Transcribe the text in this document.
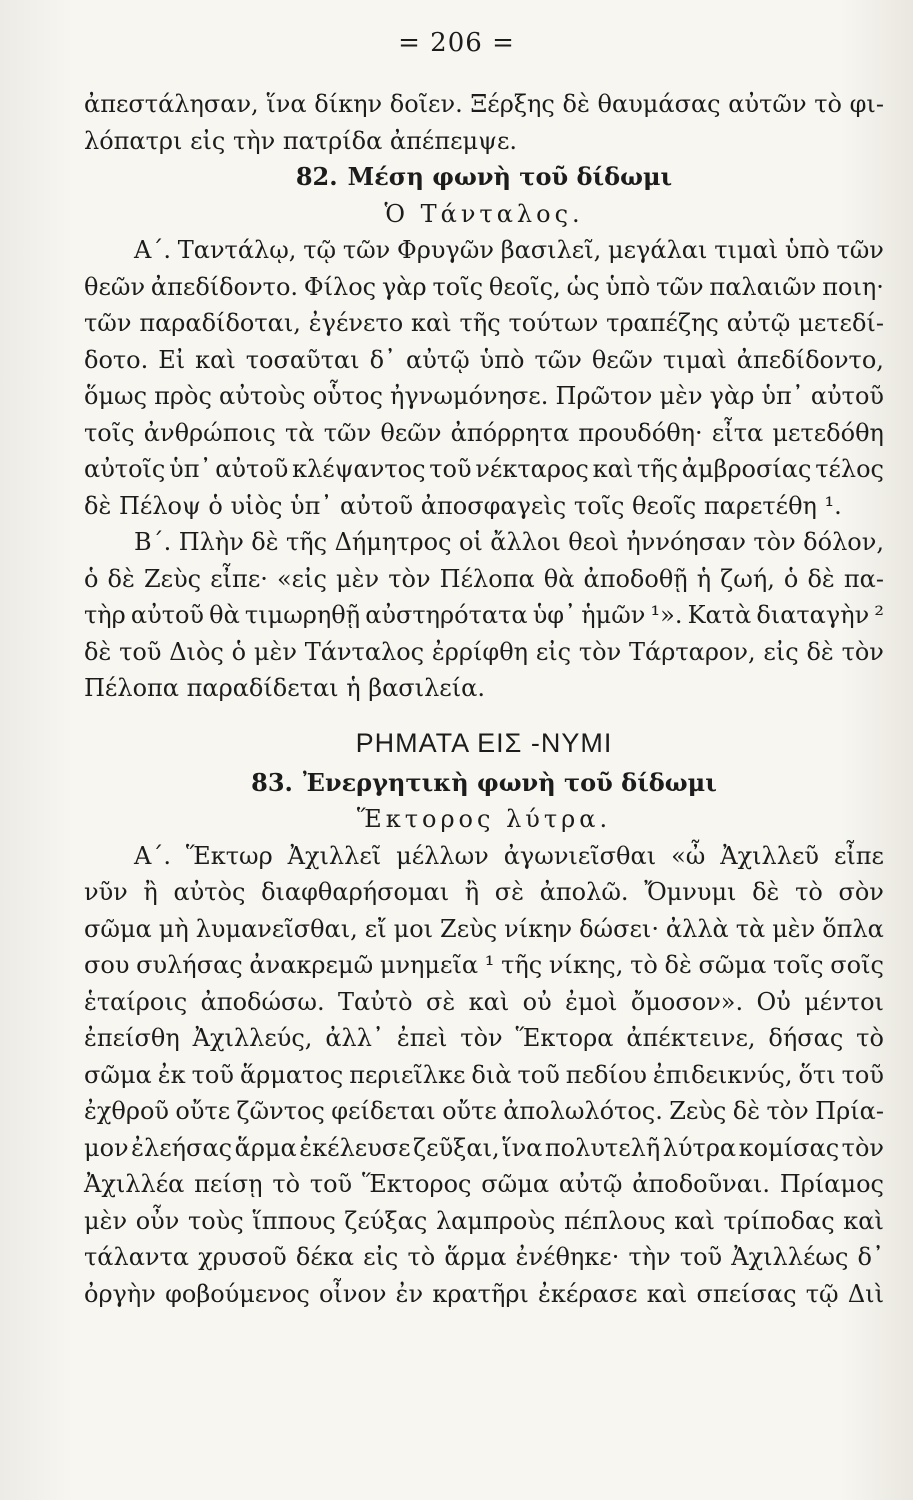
= 206 =
ἀπεστάλησαν, ἵνα δίκην δοῖεν. Ξέρξης δὲ θαυμάσας αὐτῶν τὸ φι-
λόπατρι εἰς τὴν πατρίδα ἀπέπεμψε.
82. Μέση φωνὴ τοῦ δίδωμι
Ὁ Τάνταλος.
Α΄. Ταντάλῳ, τῷ τῶν Φρυγῶν βασιλεῖ, μεγάλαι τιμαὶ ὑπὸ τῶν
θεῶν ἀπεδίδοντο. Φίλος γὰρ τοῖς θεοῖς, ὡς ὑπὸ τῶν παλαιῶν ποιη·
τῶν παραδίδοται, ἐγένετο καὶ τῆς τούτων τραπέζης αὐτῷ μετεδί-
δοτο. Εἰ καὶ τοσαῦται δ᾽ αὐτῷ ὑπὸ τῶν θεῶν τιμαὶ ἀπεδίδοντο,
ὅμως πρὸς αὐτοὺς οὗτος ἠγνωμόνησε. Πρῶτον μὲν γὰρ ὑπ᾽ αὐτοῦ
τοῖς ἀνθρώποις τὰ τῶν θεῶν ἀπόρρητα προυδόθη· εἶτα μετεδόθη
αὐτοῖς ὑπ᾽ αὐτοῦ κλέψαντος τοῦ νέκταρος καὶ τῆς ἀμβροσίας τέλος
δὲ Πέλοψ ὁ υἱὸς ὑπ᾽ αὐτοῦ ἀποσφαγεὶς τοῖς θεοῖς παρετέθη ¹.
Β΄. Πλὴν δὲ τῆς Δήμητρος οἱ ἄλλοι θεοὶ ἠννόησαν τὸν δόλον,
ὁ δὲ Ζεὺς εἶπε· «εἰς μὲν τὸν Πέλοπα θὰ ἀποδοθῇ ἡ ζωή, ὁ δὲ πα-
τὴρ αὐτοῦ θὰ τιμωρηθῇ αὐστηρότατα ὑφ᾽ ἡμῶν ¹». Κατὰ διαταγὴν ²
δὲ τοῦ Διὸς ὁ μὲν Τάνταλος ἐρρίφθη εἰς τὸν Τάρταρον, εἰς δὲ τὸν
Πέλοπα παραδίδεται ἡ βασιλεία.
ΡΗΜΑΤΑ ΕΙΣ -ΝΥΜΙ
83. Ἐνεργητικὴ φωνὴ τοῦ δίδωμι
Ἕκτορος λύτρα.
Α΄. Ἕκτωρ Ἀχιλλεῖ μέλλων ἀγωνιεῖσθαι «ὦ Ἀχιλλεῦ εἶπε
νῦν ἢ αὐτὸς διαφθαρήσομαι ἢ σὲ ἀπολῶ. Ὄμνυμι δὲ τὸ σὸν
σῶμα μὴ λυμανεῖσθαι, εἴ μοι Ζεὺς νίκην δώσει· ἀλλὰ τὰ μὲν ὅπλα
σου συλήσας ἀνακρεμῶ μνημεῖα ¹ τῆς νίκης, τὸ δὲ σῶμα τοῖς σοῖς
ἑταίροις ἀποδώσω. Ταὐτὸ σὲ καὶ οὐ ἐμοὶ ὄμοσον». Οὐ μέντοι
ἐπείσθη Ἀχιλλεύς, ἀλλ᾽ ἐπεὶ τὸν Ἕκτορα ἀπέκτεινε, δήσας τὸ
σῶμα ἐκ τοῦ ἅρματος περιεῖλκε διὰ τοῦ πεδίου ἐπιδεικνύς, ὅτι τοῦ
ἐχθροῦ οὔτε ζῶντος φείδεται οὔτε ἀπολωλότος. Ζεὺς δὲ τὸν Πρία-
μον ἐλεήσας ἅρμα ἐκέλευσε ζεῦξαι, ἵνα πολυτελῆ λύτρα κομίσας τὸν
Ἀχιλλέα πείσῃ τὸ τοῦ Ἕκτορος σῶμα αὐτῷ ἀποδοῦναι. Πρίαμος
μὲν οὖν τοὺς ἵππους ζεύξας λαμπροὺς πέπλους καὶ τρίποδας καὶ
τάλαντα χρυσοῦ δέκα εἰς τὸ ἅρμα ἐνέθηκε· τὴν τοῦ Ἀχιλλέως δ᾽
ὀργὴν φοβούμενος οἶνον ἐν κρατῆρι ἐκέρασε καὶ σπείσας τῷ Διὶ
